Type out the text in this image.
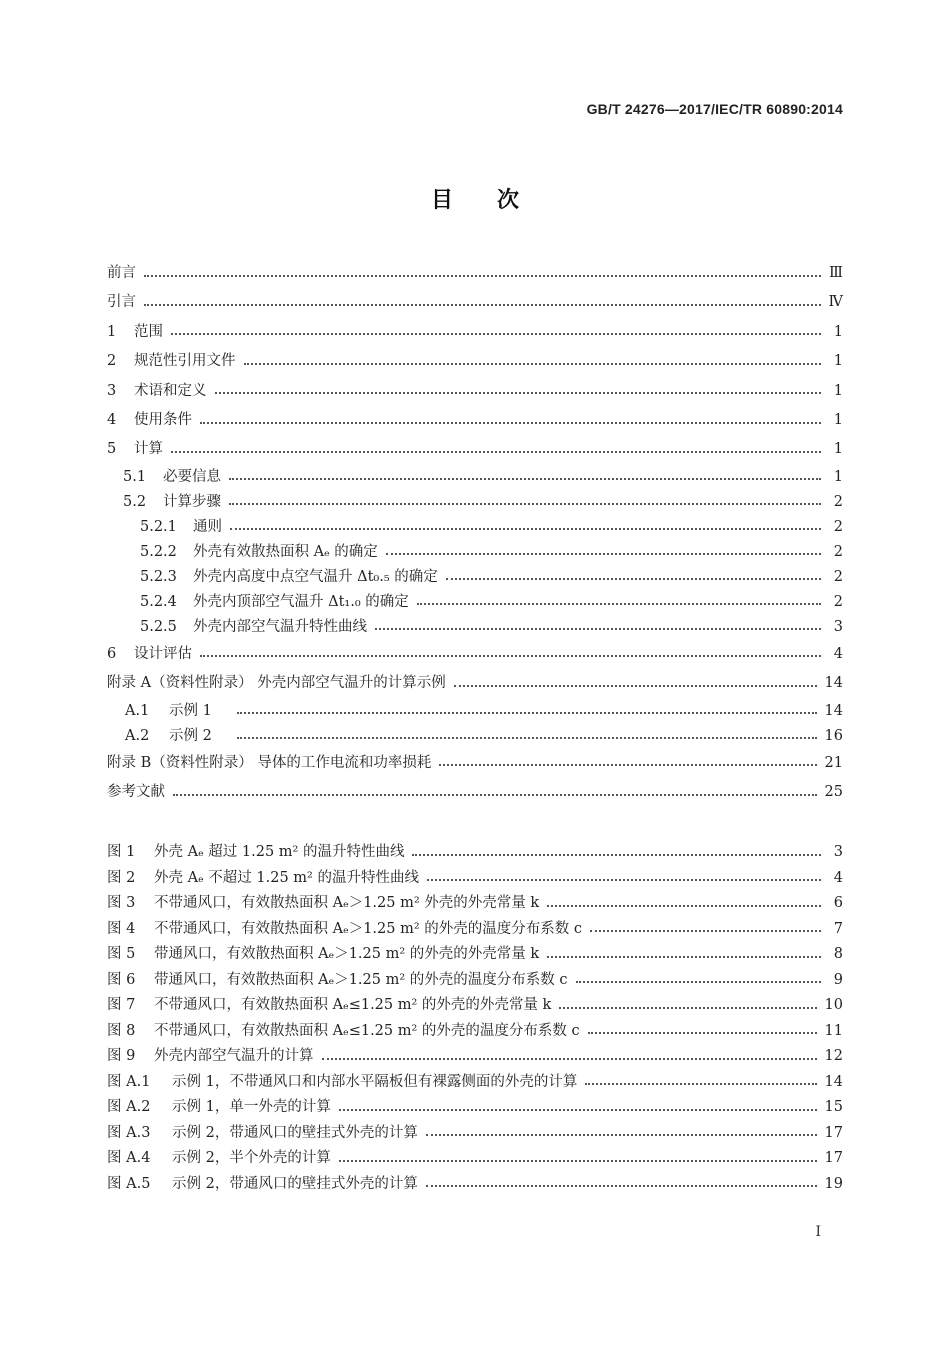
GB/T 24276—2017/IEC/TR 60890:2014
目次
前言	Ⅲ
引言	Ⅳ
1	范围	1
2	规范性引用文件	1
3	术语和定义	1
4	使用条件	1
5	计算	1
5.1	必要信息	1
5.2	计算步骤	2
5.2.1	通则	2
5.2.2	外壳有效散热面积 Aₑ 的确定	2
5.2.3	外壳内高度中点空气温升 Δt₀.₅ 的确定	2
5.2.4	外壳内顶部空气温升 Δt₁.₀ 的确定	2
5.2.5	外壳内部空气温升特性曲线	3
6	设计评估	4
附录 A（资料性附录） 外壳内部空气温升的计算示例	14
A.1	示例 1	14
A.2	示例 2	16
附录 B（资料性附录） 导体的工作电流和功率损耗	21
参考文献	25
图 1	外壳 Aₑ 超过 1.25 m² 的温升特性曲线	3
图 2	外壳 Aₑ 不超过 1.25 m² 的温升特性曲线	4
图 3	不带通风口，有效散热面积 Aₑ＞1.25 m² 外壳的外壳常量 k	6
图 4	不带通风口，有效散热面积 Aₑ＞1.25 m² 的外壳的温度分布系数 c	7
图 5	带通风口，有效散热面积 Aₑ＞1.25 m² 的外壳的外壳常量 k	8
图 6	带通风口，有效散热面积 Aₑ＞1.25 m² 的外壳的温度分布系数 c	9
图 7	不带通风口，有效散热面积 Aₑ≤1.25 m² 的外壳的外壳常量 k	10
图 8	不带通风口，有效散热面积 Aₑ≤1.25 m² 的外壳的温度分布系数 c	11
图 9	外壳内部空气温升的计算	12
图 A.1	示例 1，不带通风口和内部水平隔板但有裸露侧面的外壳的计算	14
图 A.2	示例 1，单一外壳的计算	15
图 A.3	示例 2，带通风口的壁挂式外壳的计算	17
图 A.4	示例 2，半个外壳的计算	17
图 A.5	示例 2，带通风口的壁挂式外壳的计算	19
I
